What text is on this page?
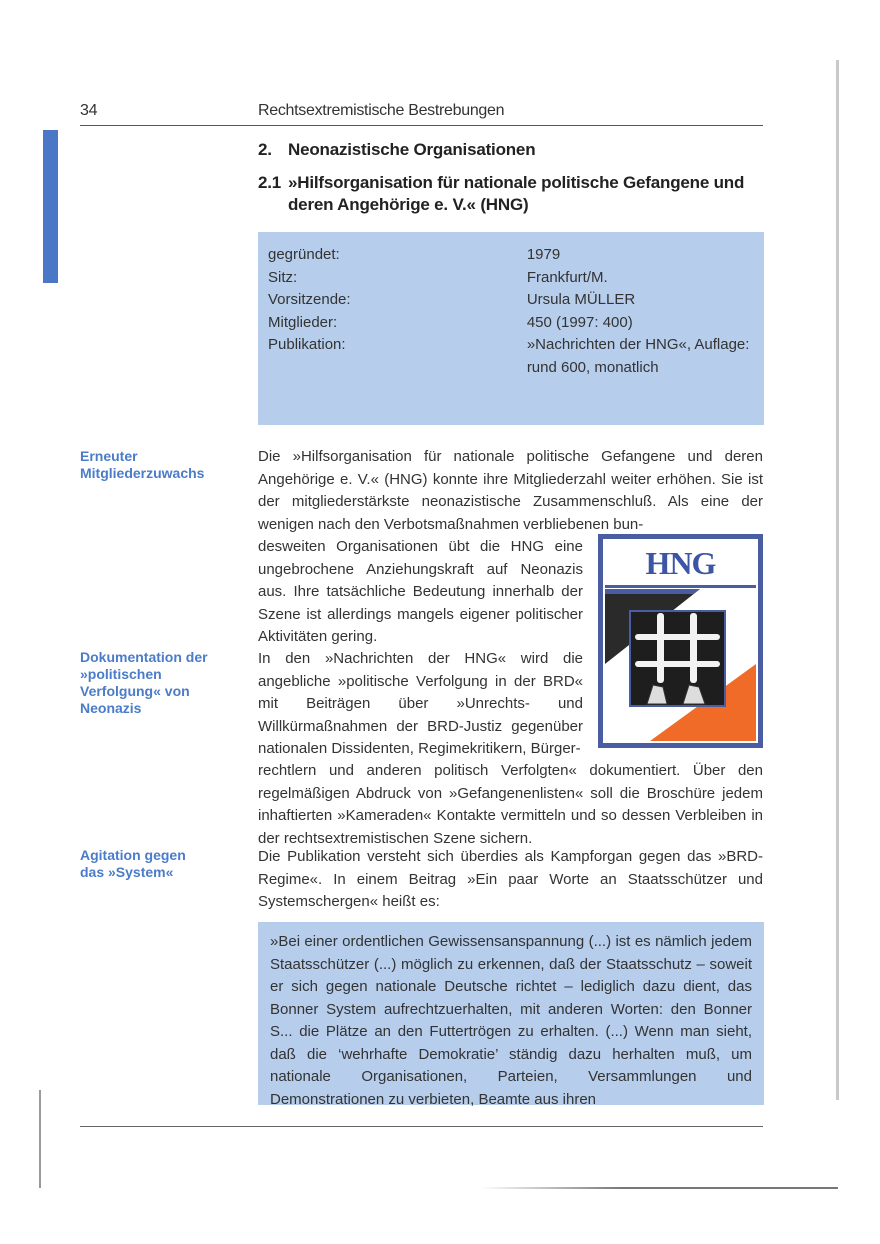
34	Rechtsextremistische Bestrebungen
2. Neonazistische Organisationen
2.1 »Hilfsorganisation für nationale politische Gefangene und deren Angehörige e. V.« (HNG)
gegründet:	1979
Sitz:	Frankfurt/M.
Vorsitzende:	Ursula MÜLLER
Mitglieder:	450 (1997: 400)
Publikation:	»Nachrichten der HNG«, Auflage: rund 600, monatlich
Erneuter Mitgliederzuwachs
Dokumentation der »politischen Verfolgung« von Neonazis
Agitation gegen das »System«
Die »Hilfsorganisation für nationale politische Gefangene und deren Angehörige e. V.« (HNG) konnte ihre Mitgliederzahl weiter erhöhen. Sie ist der mitgliederstärkste neonazistische Zusammenschluß. Als eine der wenigen nach den Verbotsmaßnahmen verbliebenen bun-
desweiten Organisationen übt die HNG eine ungebrochene Anziehungskraft auf Neonazis aus. Ihre tatsächliche Bedeutung innerhalb der Szene ist allerdings mangels eigener politischer Aktivitäten gering.
HNG
In den »Nachrichten der HNG« wird die angebliche »politische Verfolgung in der BRD« mit Beiträgen über »Unrechts- und Willkürmaßnahmen der BRD-Justiz gegenüber nationalen Dissidenten, Regimekritikern, Bürger-
rechtlern und anderen politisch Verfolgten« dokumentiert. Über den regelmäßigen Abdruck von »Gefangenenlisten« soll die Broschüre jedem inhaftierten »Kameraden« Kontakte vermitteln und so dessen Verbleiben in der rechtsextremistischen Szene sichern.
Die Publikation versteht sich überdies als Kampforgan gegen das »BRD-Regime«. In einem Beitrag »Ein paar Worte an Staatsschützer und Systemschergen« heißt es:
»Bei einer ordentlichen Gewissensanspannung (...) ist es nämlich jedem Staatsschützer (...) möglich zu erkennen, daß der Staatsschutz – soweit er sich gegen nationale Deutsche richtet – lediglich dazu dient, das Bonner System aufrechtzuerhalten, mit anderen Worten: den Bonner S... die Plätze an den Futtertrögen zu erhalten. (...) Wenn man sieht, daß die ‘wehrhafte Demokratie’ ständig dazu herhalten muß, um nationale Organisationen, Parteien, Versammlungen und Demonstrationen zu verbieten, Beamte aus ihren
